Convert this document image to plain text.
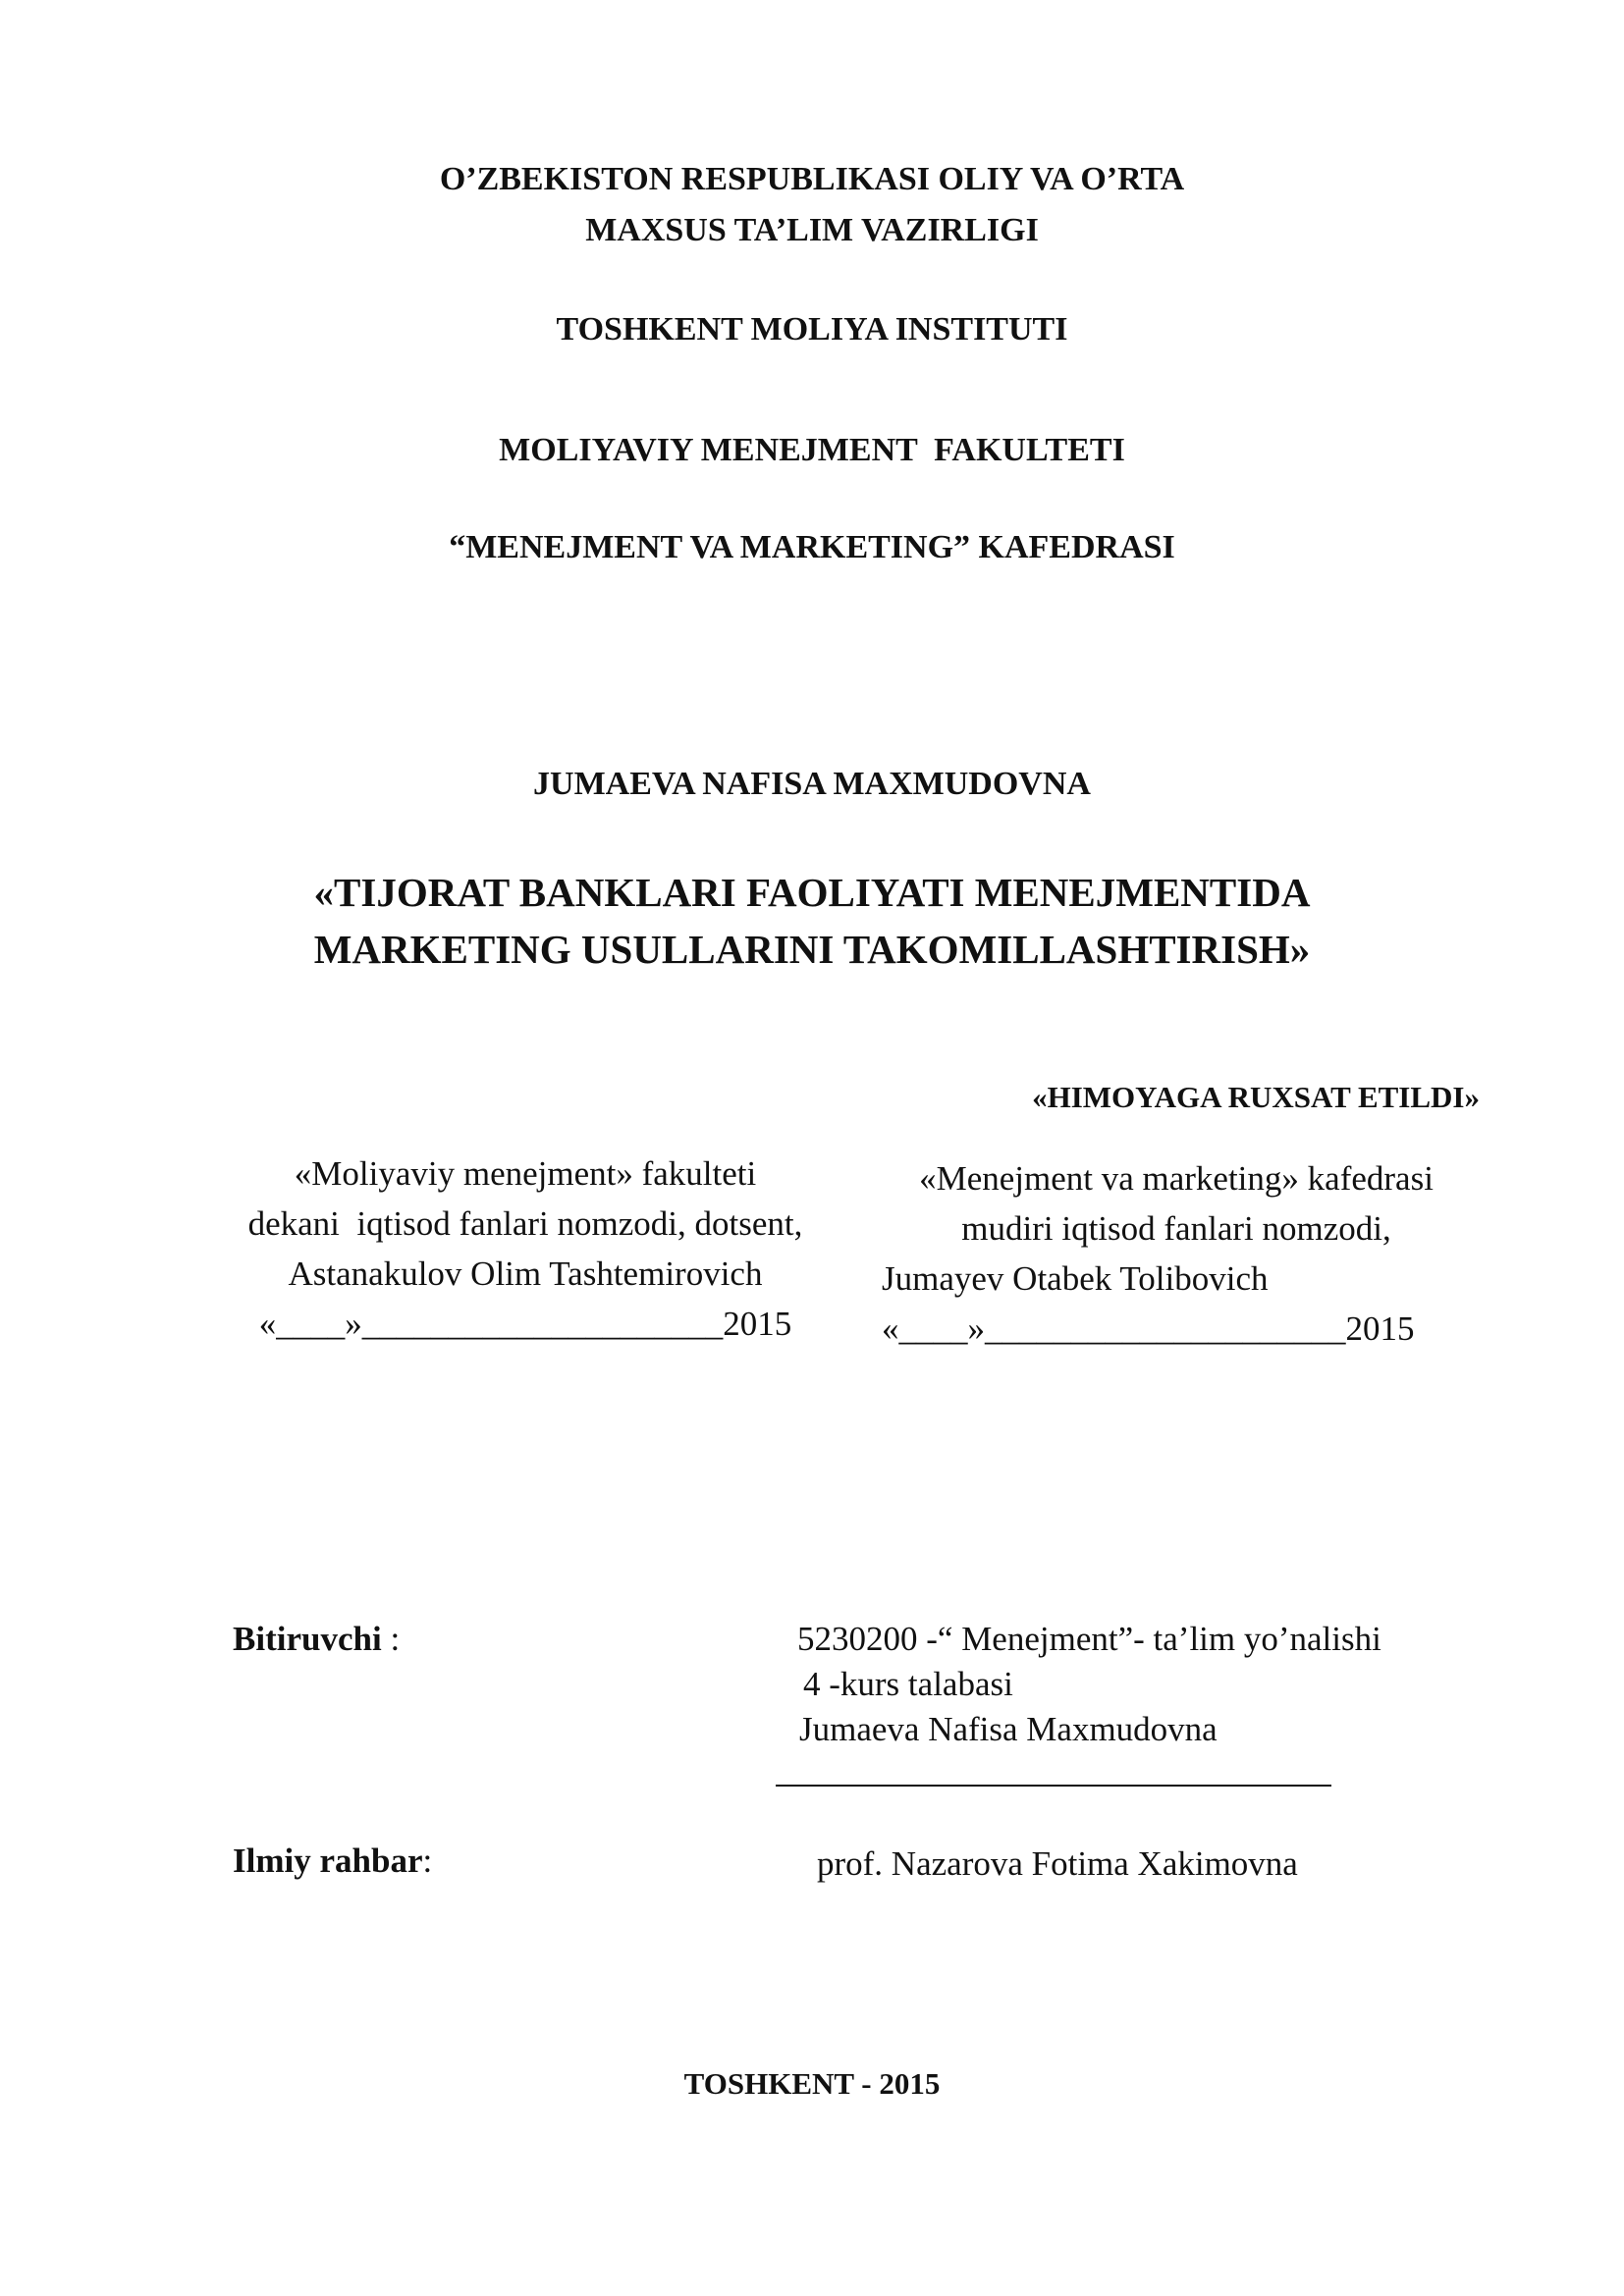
O’ZBEKISTON RESPUBLIKASI OLIY VA O’RTA
MAXSUS TA’LIM VAZIRLIGI
TOSHKENT MOLIYA INSTITUTI
MOLIYAVIY MENEJMENT  FAKULTETI
“MENEJMENT VA MARKETING” KAFEDRASI
JUMAEVA NAFISA MAXMUDOVNA
«TIJORAT BANKLARI FAOLIYATI MENEJMENTIDA
MARKETING USULLARINI TAKOMILLASHTIRISH»
«HIMOYAGA RUXSAT ETILDI»
«Moliyaviy menejment» fakulteti
dekani  iqtisod fanlari nomzodi, dotsent,
Astanakulov Olim Tashtemirovich
«____»_____________________2015
«Menejment va marketing» kafedrasi
mudiri iqtisod fanlari nomzodi,
Jumayev Otabek Tolibovich
«____»_____________________2015
Bitiruvchi :	5230200 -“ Menejment”- ta’lim yo’nalishi
4 -kurs talabasi
Jumaeva Nafisa Maxmudovna
Ilmiy rahbar:	prof. Nazarova Fotima Xakimovna
TOSHKENT - 2015
